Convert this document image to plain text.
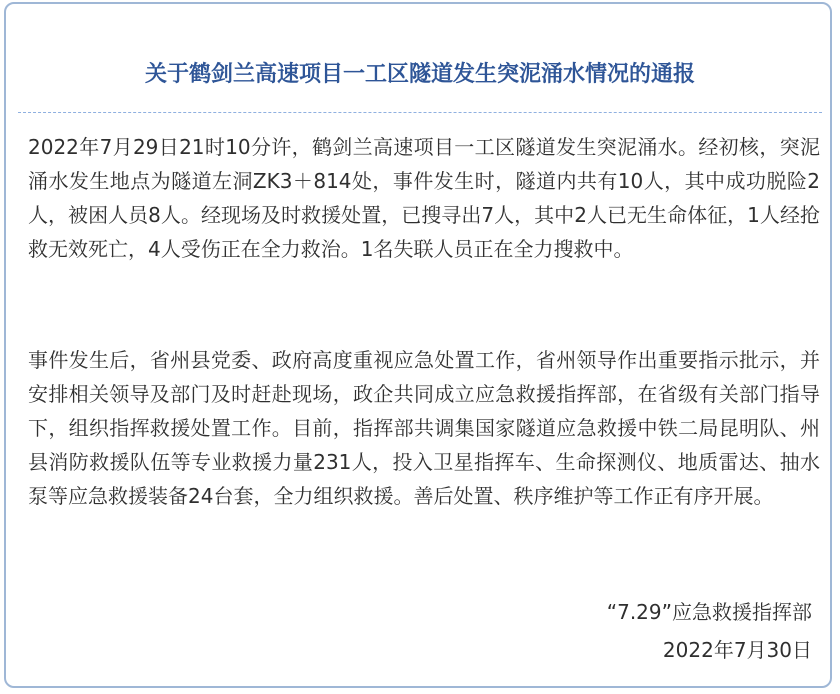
关于鹤剑兰高速项目一工区隧道发生突泥涌水情况的通报
2022年7月29日21时10分许，鹤剑兰高速项目一工区隧道发生突泥涌水。经初核，突泥涌水发生地点为隧道左洞ZK3＋814处，事件发生时，隧道内共有10人，其中成功脱险2人，被困人员8人。经现场及时救援处置，已搜寻出7人，其中2人已无生命体征，1人经抢救无效死亡，4人受伤正在全力救治。1名失联人员正在全力搜救中。
事件发生后，省州县党委、政府高度重视应急处置工作，省州领导作出重要指示批示，并安排相关领导及部门及时赶赴现场，政企共同成立应急救援指挥部，在省级有关部门指导下，组织指挥救援处置工作。目前，指挥部共调集国家隧道应急救援中铁二局昆明队、州县消防救援队伍等专业救援力量231人，投入卫星指挥车、生命探测仪、地质雷达、抽水泵等应急救援装备24台套，全力组织救援。善后处置、秩序维护等工作正有序开展。
“7.29”应急救援指挥部
2022年7月30日
